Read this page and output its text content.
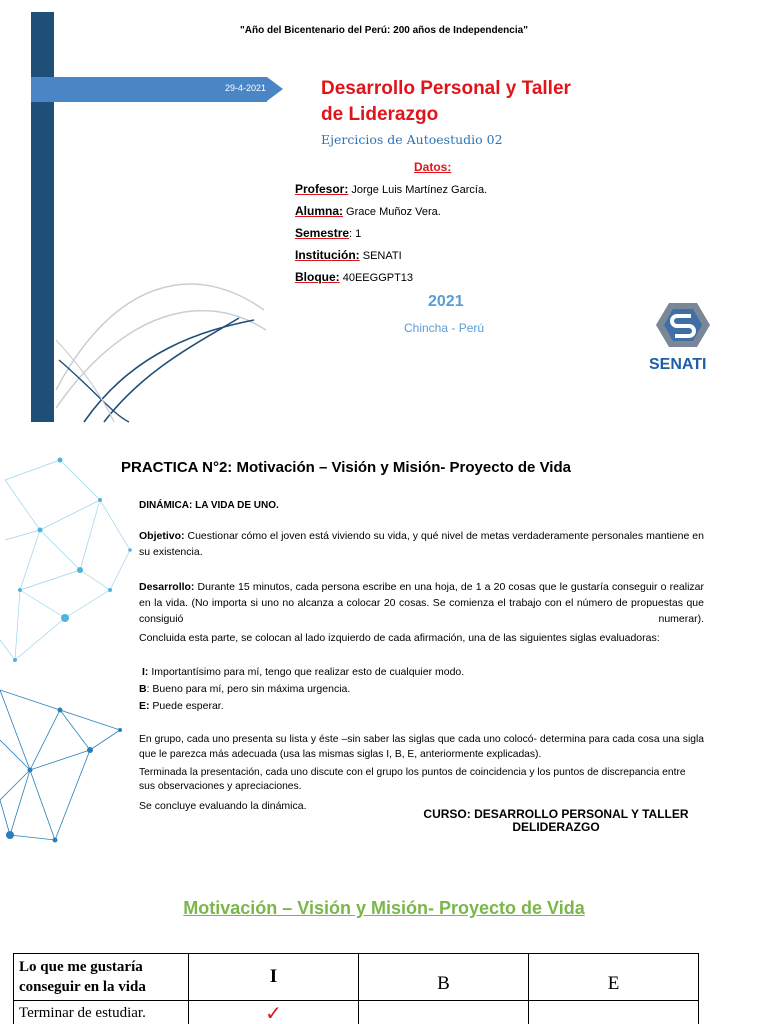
29-4-2021
"Año del Bicentenario del Perú: 200 años de Independencia"
Desarrollo Personal y Taller
de Liderazgo
Ejercicios de Autoestudio 02
Datos:
Profesor: Jorge Luis Martínez García.
Alumna: Grace Muñoz Vera.
Semestre: 1
Institución: SENATI
Bloque: 40EEGGPT13
2021
Chincha - Perú
SENATI
PRACTICA N°2: Motivación – Visión y Misión- Proyecto de Vida
DINÁMICA: LA VIDA DE UNO.
Objetivo: Cuestionar cómo el joven está viviendo su vida, y qué nivel de metas verdaderamente personales mantiene en su existencia.
Desarrollo: Durante 15 minutos, cada persona escribe en una hoja, de 1 a 20 cosas que le gustaría conseguir o realizar en la vida. (No importa si uno no alcanza a colocar 20 cosas. Se comienza el trabajo con el número de propuestas que consiguió numerar).
Concluida esta parte, se colocan al lado izquierdo de cada afirmación, una de las siguientes siglas evaluadoras:
I: Importantísimo para mí, tengo que realizar esto de cualquier modo.
B: Bueno para mí, pero sin máxima urgencia.
E: Puede esperar.
En grupo, cada uno presenta su lista y éste –sin saber las siglas que cada uno colocó- determina para cada cosa una sigla que le parezca más adecuada (usa las mismas siglas I, B, E, anteriormente explicadas).
Terminada la presentación, cada uno discute con el grupo los puntos de coincidencia y los puntos de discrepancia entre sus observaciones y apreciaciones.
Se concluye evaluando la dinámica.
CURSO: DESARROLLO PERSONAL Y TALLER
DELIDERAZGO
Motivación – Visión y Misión- Proyecto de Vida
Lo que me gustaría conseguir en la vida	I	B	E
Terminar de estudiar.	✓		
